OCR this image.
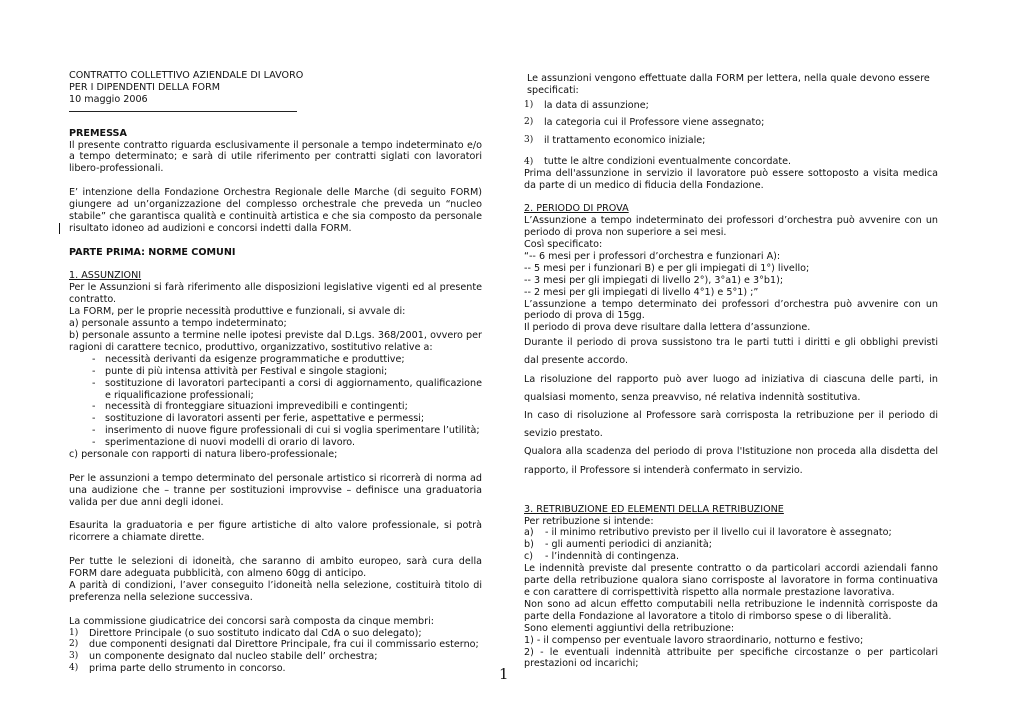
CONTRATTO COLLETTIVO AZIENDALE DI LAVORO
PER I DIPENDENTI DELLA FORM
10 maggio 2006
PREMESSA
Il presente contratto riguarda esclusivamente il personale a tempo indeterminato e/o a tempo determinato; e sarà di utile riferimento per contratti siglati con lavoratori libero-professionali.
E’ intenzione della Fondazione Orchestra Regionale delle Marche (di seguito FORM) giungere ad un’organizzazione del complesso orchestrale che preveda un “nucleo stabile” che garantisca qualità e continuità artistica e che sia composto da personale risultato idoneo ad audizioni e concorsi indetti dalla FORM.
PARTE PRIMA: NORME COMUNI
1. ASSUNZIONI
Per le Assunzioni si farà riferimento alle disposizioni legislative vigenti ed al presente contratto.
La FORM, per le proprie necessità produttive e funzionali, si avvale di:
a) personale assunto a tempo indeterminato;
b) personale assunto a termine nelle ipotesi previste dal D.Lgs. 368/2001, ovvero per ragioni di carattere tecnico, produttivo, organizzativo, sostitutivo relative a:
- necessità derivanti da esigenze programmatiche e produttive;
- punte di più intensa attività per Festival e singole stagioni;
- sostituzione di lavoratori partecipanti a corsi di aggiornamento, qualificazione e riqualificazione professionali;
- necessità di fronteggiare situazioni imprevedibili e contingenti;
- sostituzione di lavoratori assenti per ferie, aspettative e permessi;
- inserimento di nuove figure professionali di cui si voglia sperimentare l’utilità;
- sperimentazione di nuovi modelli di orario di lavoro.
c) personale con rapporti di natura libero-professionale;
Per le assunzioni a tempo determinato del personale artistico si ricorrerà di norma ad una audizione che – tranne per sostituzioni improvvise – definisce una graduatoria valida per due anni degli idonei.
Esaurita la graduatoria e per figure artistiche di alto valore professionale, si potrà ricorrere a chiamate dirette.
Per tutte le selezioni di idoneità, che saranno di ambito europeo, sarà cura della FORM dare adeguata pubblicità, con almeno 60gg di anticipo.
A parità di condizioni, l’aver conseguito l’idoneità nella selezione, costituirà titolo di preferenza nella selezione successiva.
La commissione giudicatrice dei concorsi sarà composta da cinque membri:
1) Direttore Principale (o suo sostituto indicato dal CdA o suo delegato);
2) due componenti designati dal Direttore Principale, fra cui il commissario esterno;
3) un componente designato dal nucleo stabile dell’ orchestra;
4) prima parte dello strumento in concorso.
Le assunzioni vengono effettuate dalla FORM per lettera, nella quale devono essere specificati:
1) la data di assunzione;
2) la categoria cui il Professore viene assegnato;
3) il trattamento economico iniziale;
4) tutte le altre condizioni eventualmente concordate.
Prima dell'assunzione in servizio il lavoratore può essere sottoposto a visita medica da parte di un medico di fiducia della Fondazione.
2. PERIODO DI PROVA
L’Assunzione a tempo indeterminato dei professori d’orchestra può avvenire con un periodo di prova non superiore a sei mesi.
Così specificato:
“-- 6 mesi per i professori d’orchestra e funzionari A):
-- 5 mesi per i funzionari B) e per gli impiegati di 1°) livello;
-- 3 mesi per gli impiegati di livello 2°), 3°a1) e 3°b1);
-- 2 mesi per gli impiegati di livello 4°1) e 5°1) ;”
L’assunzione a tempo determinato dei professori d’orchestra può avvenire con un periodo di prova di 15gg.
Il periodo di prova deve risultare dalla lettera d’assunzione.
Durante il periodo di prova sussistono tra le parti tutti i diritti e gli obblighi previsti dal presente accordo.
La risoluzione del rapporto può aver luogo ad iniziativa di ciascuna delle parti, in qualsiasi momento, senza preavviso, né relativa indennità sostitutiva.
In caso di risoluzione al Professore sarà corrisposta la retribuzione per il periodo di sevizio prestato.
Qualora alla scadenza del periodo di prova l'Istituzione non proceda alla disdetta del rapporto, il Professore si intenderà confermato in servizio.
3. RETRIBUZIONE ED ELEMENTI DELLA RETRIBUZIONE
Per retribuzione si intende:
a) - il minimo retributivo previsto per il livello cui il lavoratore è assegnato;
b) - gli aumenti periodici di anzianità;
c) - l’indennità di contingenza.
Le indennità previste dal presente contratto o da particolari accordi aziendali fanno parte della retribuzione qualora siano corrisposte al lavoratore in forma continuativa e con carattere di corrispettività rispetto alla normale prestazione lavorativa.
Non sono ad alcun effetto computabili nella retribuzione le indennità corrisposte da parte della Fondazione al lavoratore a titolo di rimborso spese o di liberalità.
Sono elementi aggiuntivi della retribuzione:
1) - il compenso per eventuale lavoro straordinario, notturno e festivo;
2) - le eventuali indennità attribuite per specifiche circostanze o per particolari prestazioni od incarichi;
1
